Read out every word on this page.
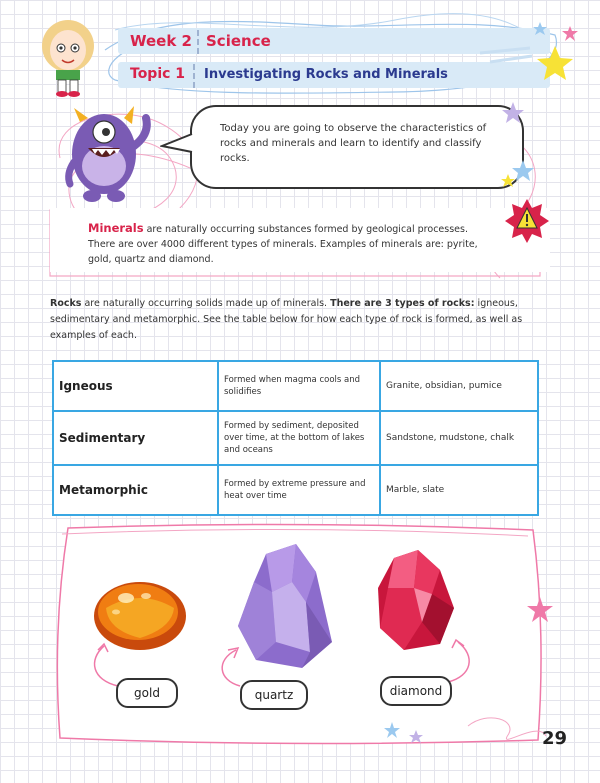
Week 2 Science
Topic 1 Investigating Rocks and Minerals
Today you are going to observe the characteristics of rocks and minerals and learn to identify and classify rocks.
Minerals are naturally occurring substances formed by geological processes. There are over 4000 different types of minerals. Examples of minerals are: pyrite, gold, quartz and diamond.
Rocks are naturally occurring solids made up of minerals. There are 3 types of rocks: igneous, sedimentary and metamorphic. See the table below for how each type of rock is formed, as well as examples of each.
Igneous	Formed when magma cools and solidifies	Granite, obsidian, pumice
Sedimentary	Formed by sediment, deposited over time, at the bottom of lakes and oceans	Sandstone, mudstone, chalk
Metamorphic	Formed by extreme pressure and heat over time	Marble, slate
gold	quartz	diamond
29
